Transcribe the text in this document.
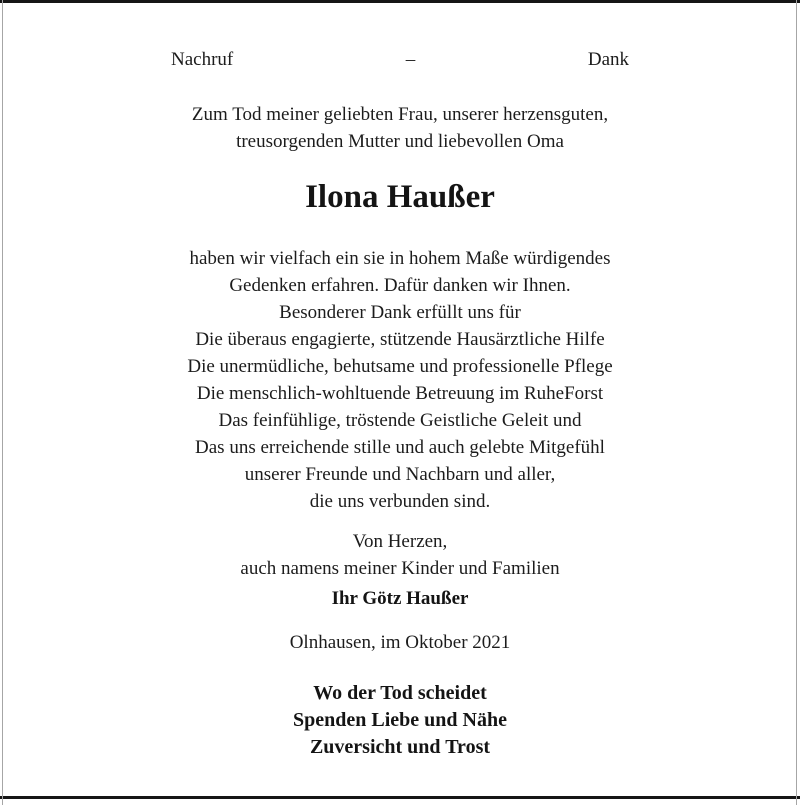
Nachruf	–	Dank
Zum Tod meiner geliebten Frau, unserer herzensguten,
treusorgenden Mutter und liebevollen Oma
Ilona Haußer
haben wir vielfach ein sie in hohem Maße würdigendes
Gedenken erfahren. Dafür danken wir Ihnen.
Besonderer Dank erfüllt uns für
Die überaus engagierte, stützende Hausärztliche Hilfe
Die unermüdliche, behutsame und professionelle Pflege
Die menschlich-wohltuende Betreuung im RuheForst
Das feinfühlige, tröstende Geistliche Geleit und
Das uns erreichende stille und auch gelebte Mitgefühl
unserer Freunde und Nachbarn und aller,
die uns verbunden sind.
Von Herzen,
auch namens meiner Kinder und Familien
Ihr Götz Haußer
Olnhausen, im Oktober 2021
Wo der Tod scheidet
Spenden Liebe und Nähe
Zuversicht und Trost
